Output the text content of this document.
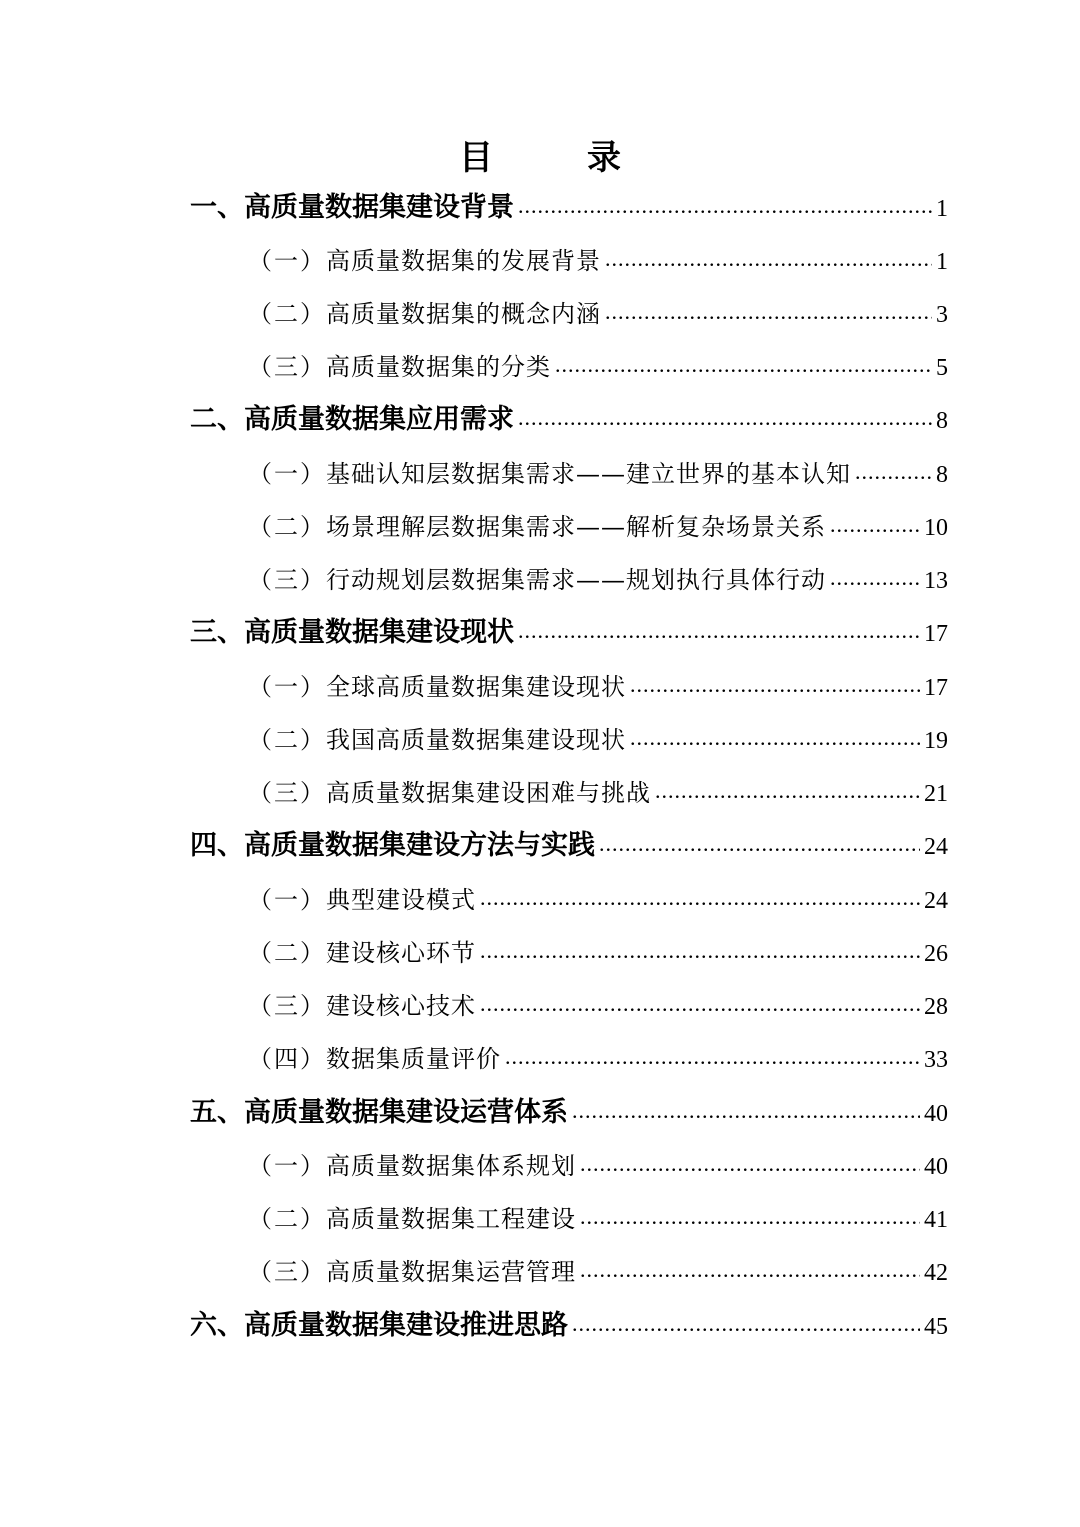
目　录
一、 高质量数据集建设背景 .....	1
（一） 高质量数据集的发展背景 .....	1
（二） 高质量数据集的概念内涵 .....	3
（三） 高质量数据集的分类 .....	5
二、 高质量数据集应用需求 .....	8
（一） 基础认知层数据集需求——建立世界的基本认知 .....	8
（二） 场景理解层数据集需求——解析复杂场景关系 .....	10
（三） 行动规划层数据集需求——规划执行具体行动 .....	13
三、 高质量数据集建设现状 .....	17
（一） 全球高质量数据集建设现状 .....	17
（二） 我国高质量数据集建设现状 .....	19
（三） 高质量数据集建设困难与挑战 .....	21
四、 高质量数据集建设方法与实践 .....	24
（一） 典型建设模式 .....	24
（二） 建设核心环节 .....	26
（三） 建设核心技术 .....	28
（四） 数据集质量评价 .....	33
五、 高质量数据集建设运营体系 .....	40
（一） 高质量数据集体系规划 .....	40
（二） 高质量数据集工程建设 .....	41
（三） 高质量数据集运营管理 .....	42
六、 高质量数据集建设推进思路 .....	45
